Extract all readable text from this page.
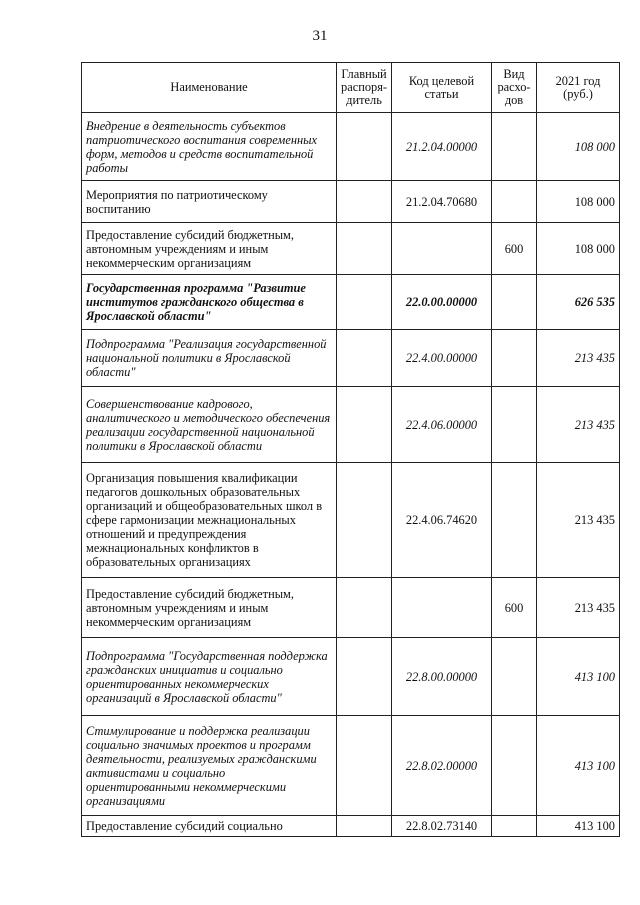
31
Наименование	Главный распоря-дитель	Код целевой статьи	Вид расхо-дов	2021 год (руб.)
Внедрение в деятельность субъектов патриотического воспитания современных форм, методов и средств воспитательной работы		21.2.04.00000		108 000
Мероприятия по патриотическому воспитанию		21.2.04.70680		108 000
Предоставление субсидий бюджетным, автономным учреждениям и иным некоммерческим организациям			600	108 000
Государственная программа "Развитие институтов гражданского общества в Ярославской области"		22.0.00.00000		626 535
Подпрограмма "Реализация государственной национальной политики в Ярославской области"		22.4.00.00000		213 435
Совершенствование кадрового, аналитического и методического обеспечения реализации государственной национальной политики в Ярославской области		22.4.06.00000		213 435
Организация повышения квалификации педагогов дошкольных образовательных организаций и общеобразовательных школ в сфере гармонизации межнациональных отношений и предупреждения межнациональных конфликтов в образовательных организациях		22.4.06.74620		213 435
Предоставление субсидий бюджетным, автономным учреждениям и иным некоммерческим организациям			600	213 435
Подпрограмма "Государственная поддержка гражданских инициатив и социально ориентированных некоммерческих организаций в Ярославской области"		22.8.00.00000		413 100
Стимулирование и поддержка реализации социально значимых проектов и программ деятельности, реализуемых гражданскими активистами и социально ориентированными некоммерческими организациями		22.8.02.00000		413 100
Предоставление субсидий социально		22.8.02.73140		413 100
